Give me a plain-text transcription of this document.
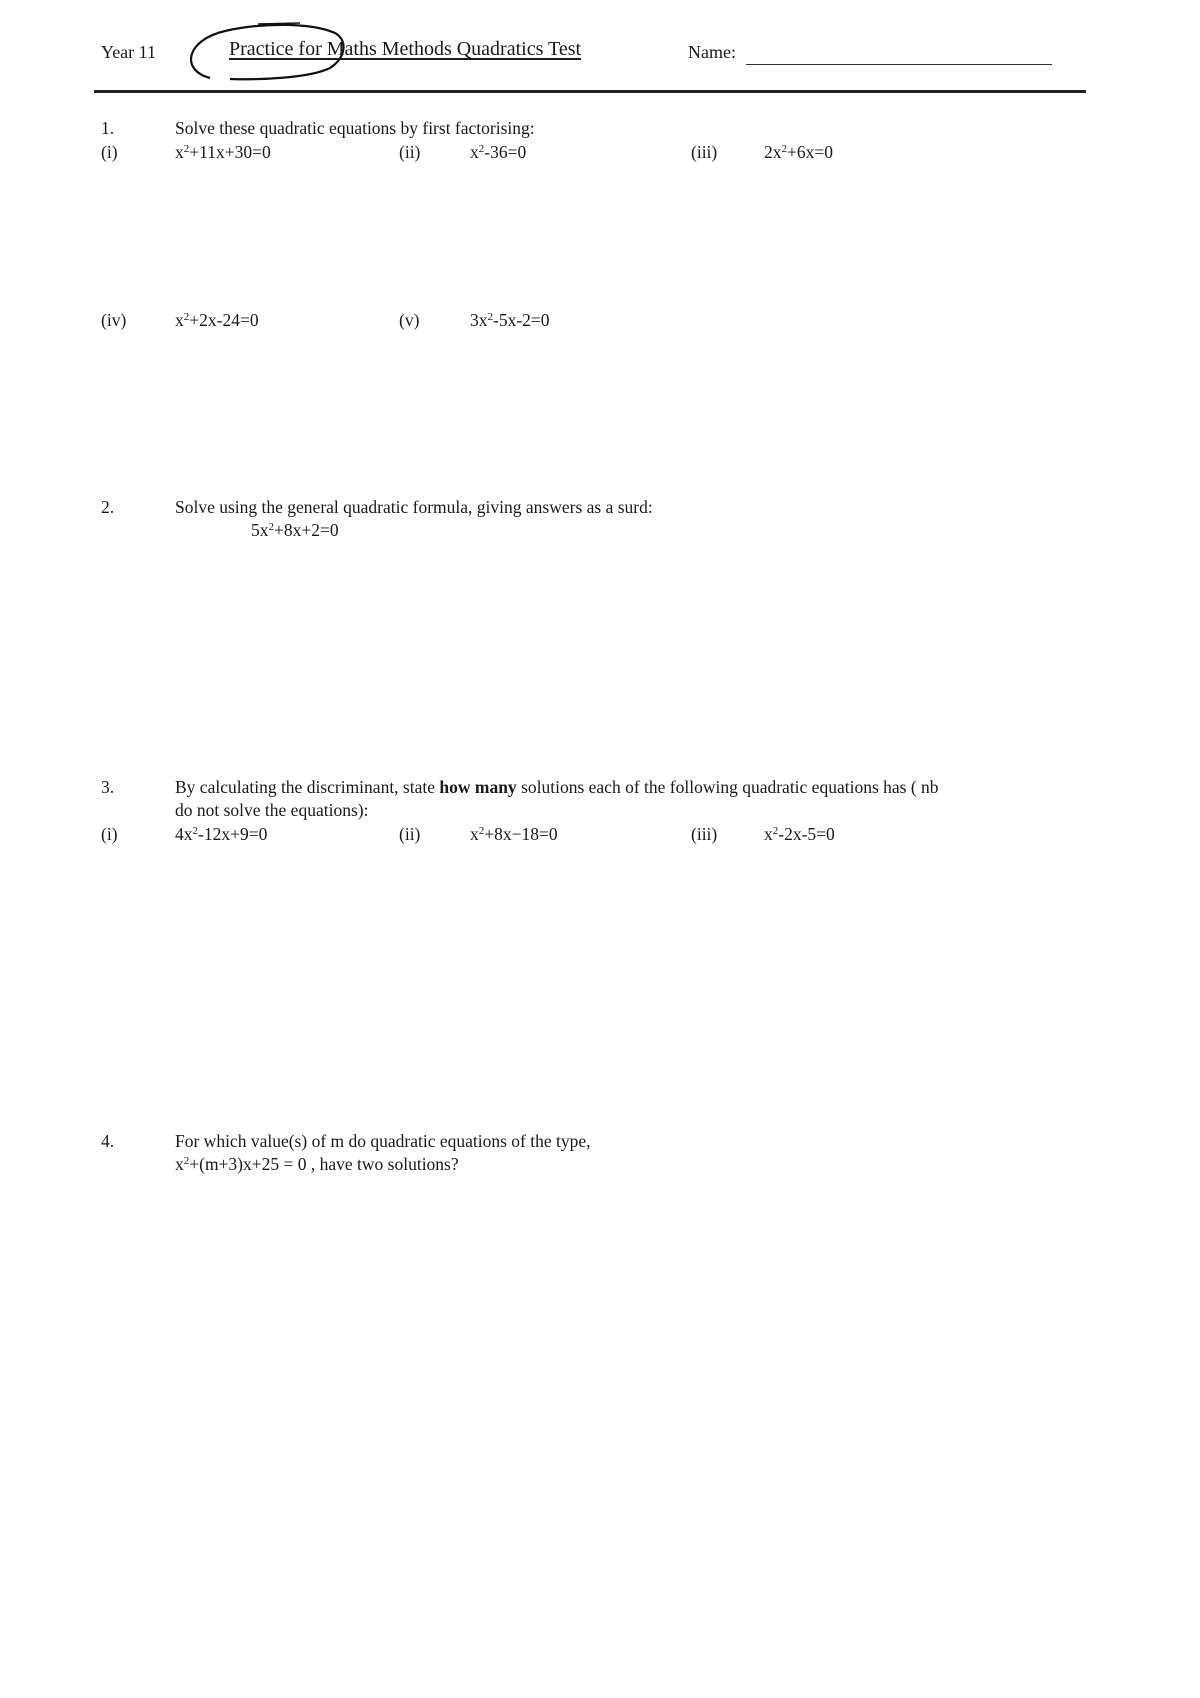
Year 11	Practice for Maths Methods Quadratics Test	Name:
1.	Solve these quadratic equations by first factorising:
(i)	$x^2+11x+30=0$	(ii)	$x^2-36=0$	(iii)	$2x^2+6x=0$
(iv)	$x^2+2x-24=0$	(v)	$3x^2-5x-2=0$
2.	Solve using the general quadratic formula, giving answers as a surd:
$5x^2+8x+2=0$
3.	By calculating the discriminant, state how many solutions each of the following quadratic equations has ( nb
do not solve the equations):
(i)	$4x^2-12x+9=0$	(ii)	$x^2+8x-18=0$	(iii)	$x^2-2x-5=0$
4.	For which value(s) of m do quadratic equations of the type,
$x^2+(m+3)x+25 = 0$ , have two solutions?
